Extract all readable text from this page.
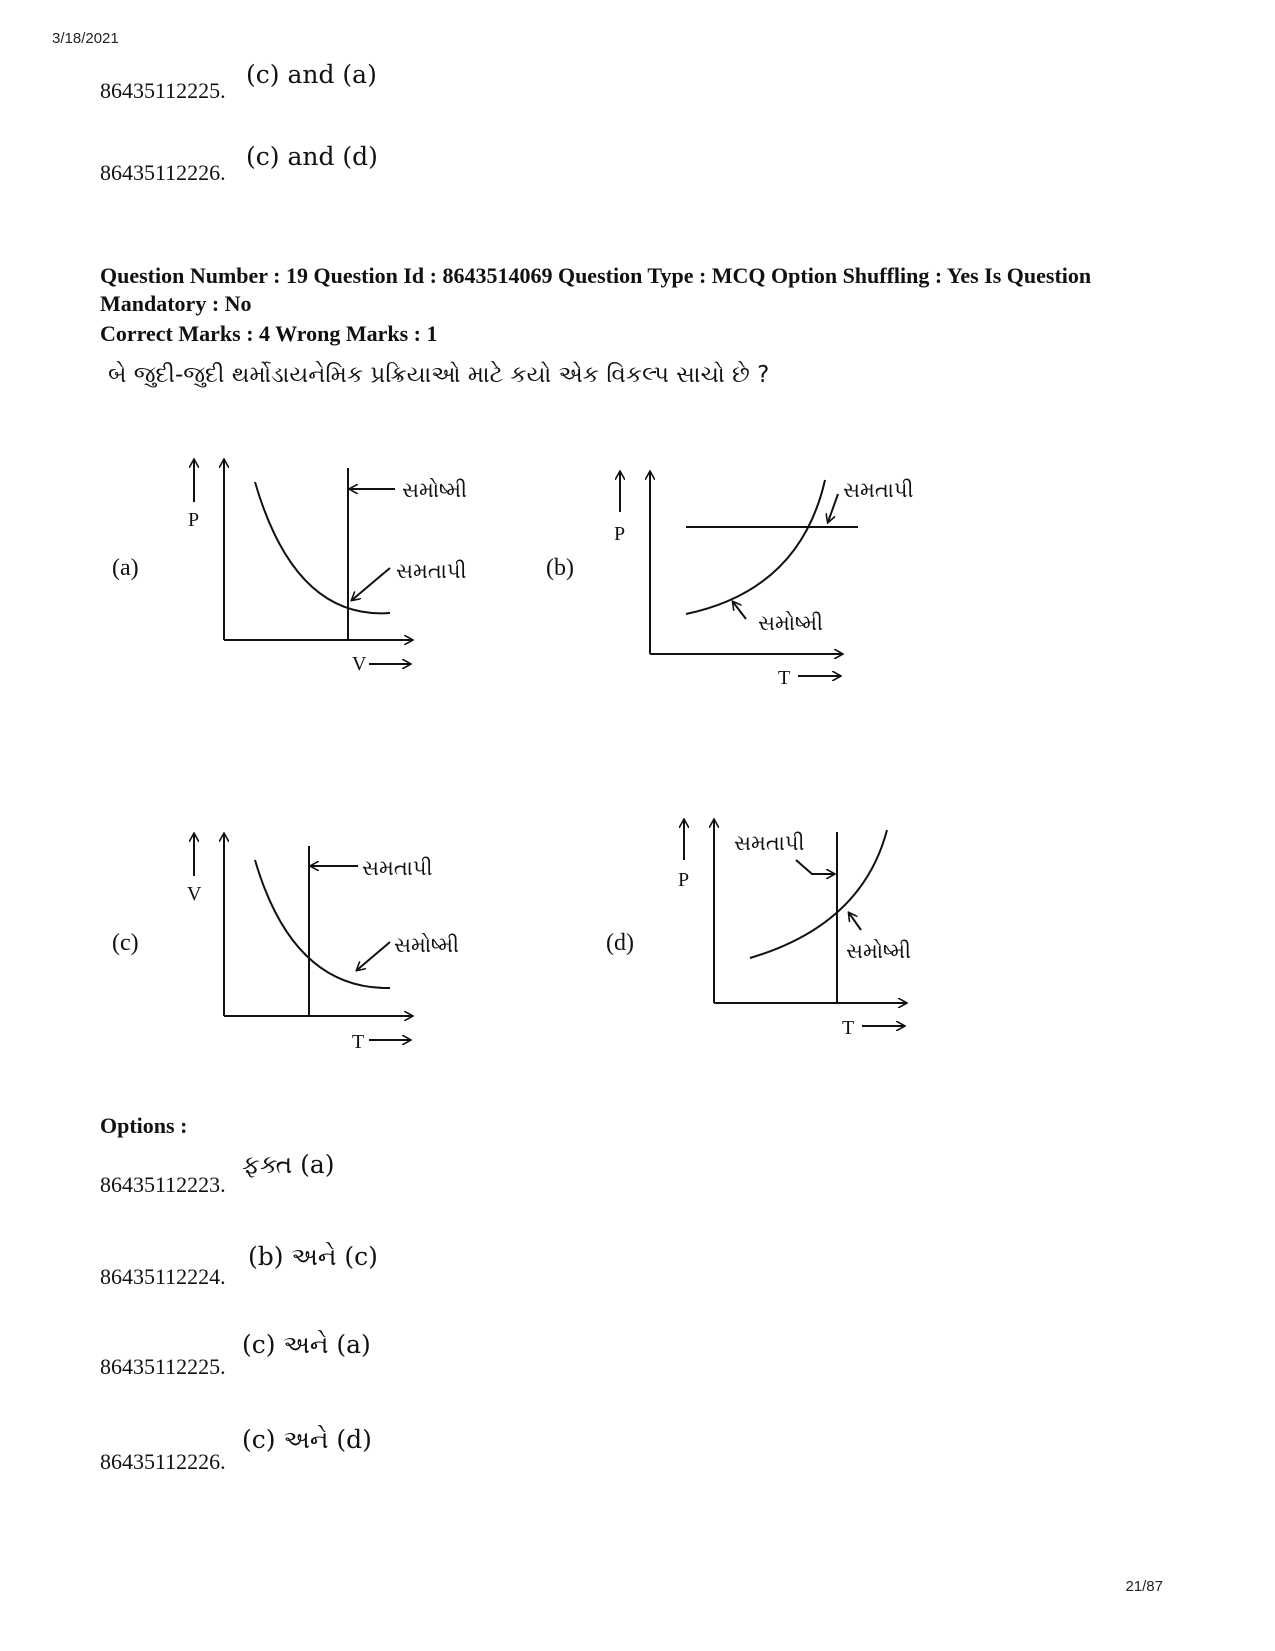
3/18/2021
86435112225.
(c) and (a)
86435112226.
(c) and (d)
Question Number : 19 Question Id : 8643514069 Question Type : MCQ Option Shuffling : Yes Is Question
Mandatory : No
Correct Marks : 4 Wrong Marks : 1
બે જુદી-જુદી થર્મોડાયનેમિક પ્રક્રિયાઓ માટે કયો એક વિકલ્પ સાચો છે ?
(a)
P
V
સમોષ્મી
સમતાપી	(b)
P
T
સમતાપી
સમોષ્મી
(c)
V
T
સમતાપી
સમોષ્મી	(d)
P
T
સમતાપી
સમોષ્મી
Options :
86435112223.
ફક્ત (a)
86435112224.
(b) અને (c)
86435112225.
(c) અને (a)
86435112226.
(c) અને (d)
21/87
